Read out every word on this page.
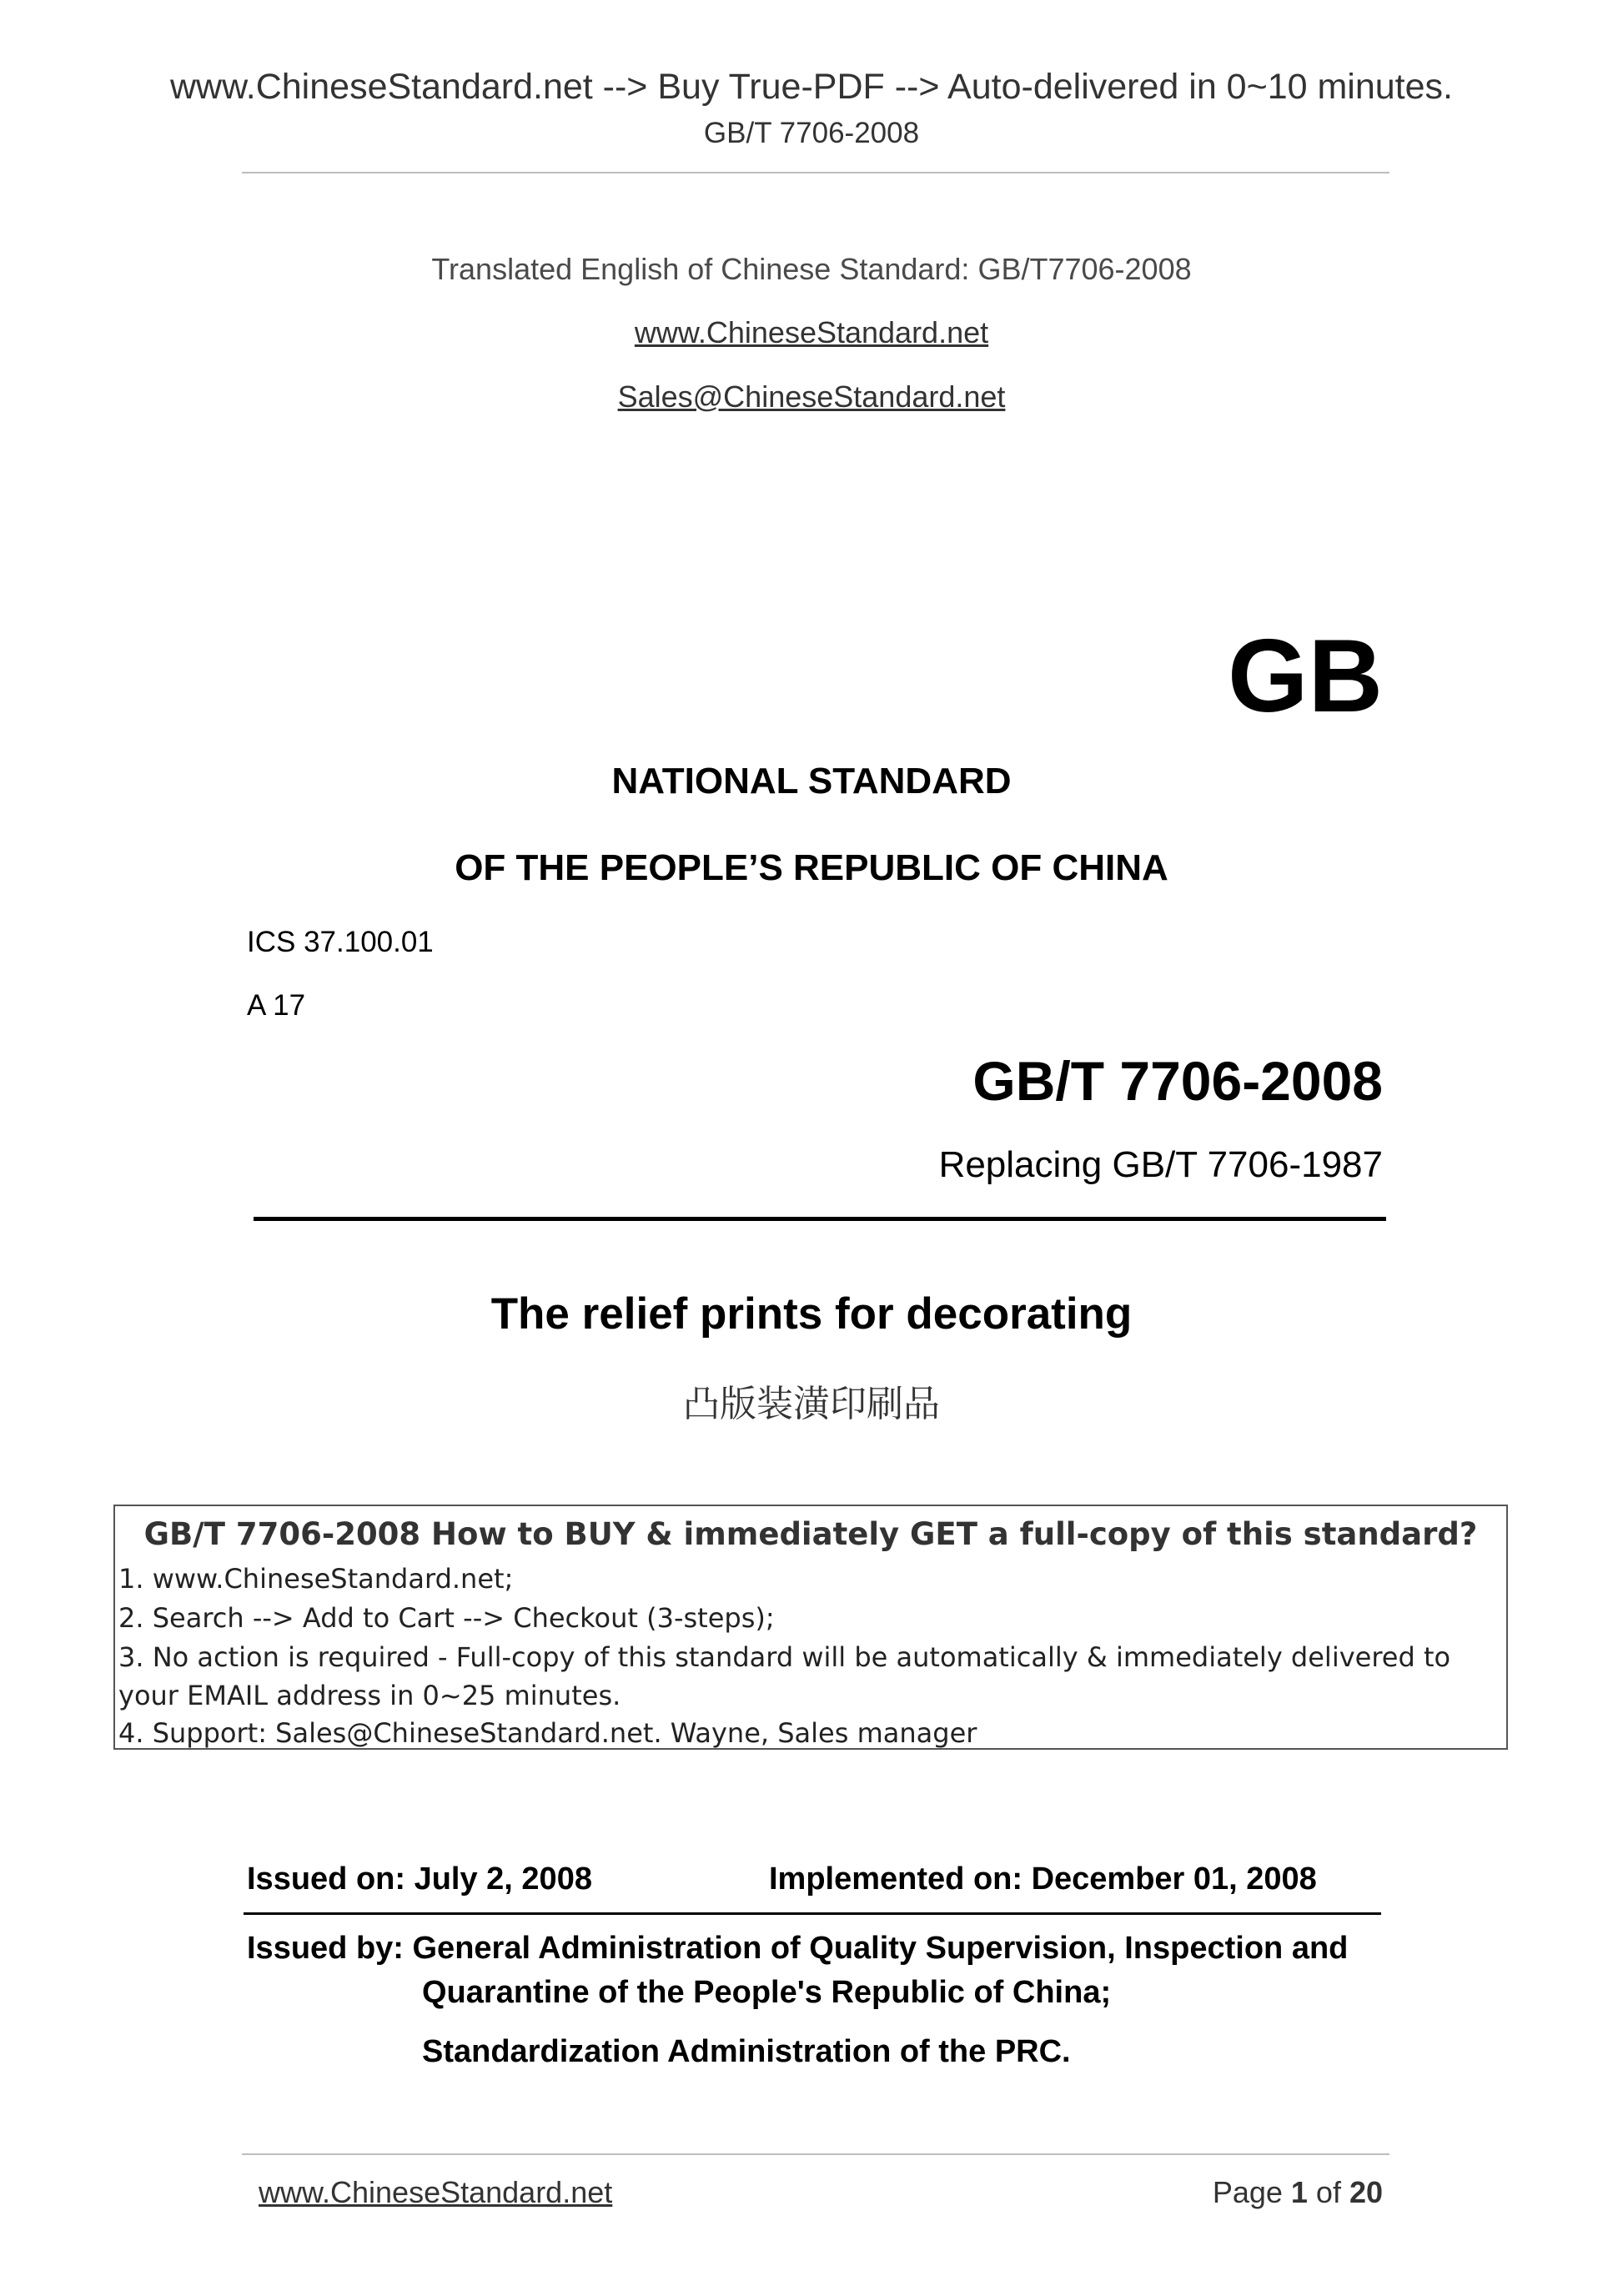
www.ChineseStandard.net --> Buy True-PDF --> Auto-delivered in 0~10 minutes.
GB/T 7706-2008
Translated English of Chinese Standard: GB/T7706-2008
www.ChineseStandard.net
Sales@ChineseStandard.net
GB
NATIONAL STANDARD
OF THE PEOPLE’S REPUBLIC OF CHINA
ICS 37.100.01
A 17
GB/T 7706-2008
Replacing GB/T 7706-1987
The relief prints for decorating
凸版装潢印刷品
GB/T 7706-2008 How to BUY & immediately GET a full-copy of this standard?
1. www.ChineseStandard.net;
2. Search --> Add to Cart --> Checkout (3-steps);
3. No action is required - Full-copy of this standard will be automatically & immediately delivered to
your EMAIL address in 0~25 minutes.
4. Support: Sales@ChineseStandard.net. Wayne, Sales manager
Issued on: July 2, 2008	Implemented on: December 01, 2008
Issued by: General Administration of Quality Supervision, Inspection and
Quarantine of the People's Republic of China;
Standardization Administration of the PRC.
www.ChineseStandard.net	Page 1 of 20
